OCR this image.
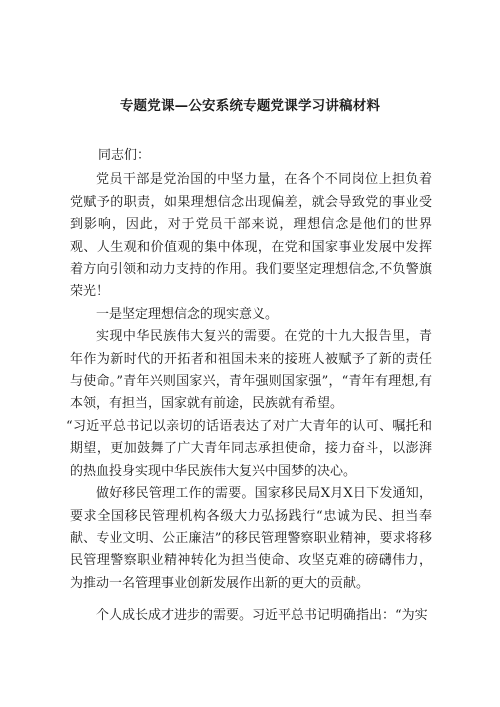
专题党课—公安系统专题党课学习讲稿材料

同志们：

党员干部是党治国的中坚力量，在各个不同岗位上担负着党赋予的职责，如果理想信念出现偏差，就会导致党的事业受到影响，因此，对于党员干部来说，理想信念是他们的世界观、人生观和价值观的集中体现，在党和国家事业发展中发挥着方向引领和动力支持的作用。我们要坚定理想信念,不负警旗荣光！

一是坚定理想信念的现实意义。

实现中华民族伟大复兴的需要。在党的十九大报告里，青年作为新时代的开拓者和祖国未来的接班人被赋予了新的责任与使命。”青年兴则国家兴，青年强则国家强”，“青年有理想,有本领，有担当，国家就有前途，民族就有希望。

“习近平总书记以亲切的话语表达了对广大青年的认可、嘱托和期望，更加鼓舞了广大青年同志承担使命，接力奋斗，以澎湃的热血投身实现中华民族伟大复兴中国梦的决心。

做好移民管理工作的需要。国家移民局X月X日下发通知，要求全国移民管理机构各级大力弘扬践行“忠诚为民、担当奉献、专业文明、公正廉洁”的移民管理警察职业精神，要求将移民管理警察职业精神转化为担当使命、攻坚克难的磅礴伟力，为推动一名管理事业创新发展作出新的更大的贡献。

个人成长成才进步的需要。习近平总书记明确指出：“为实
